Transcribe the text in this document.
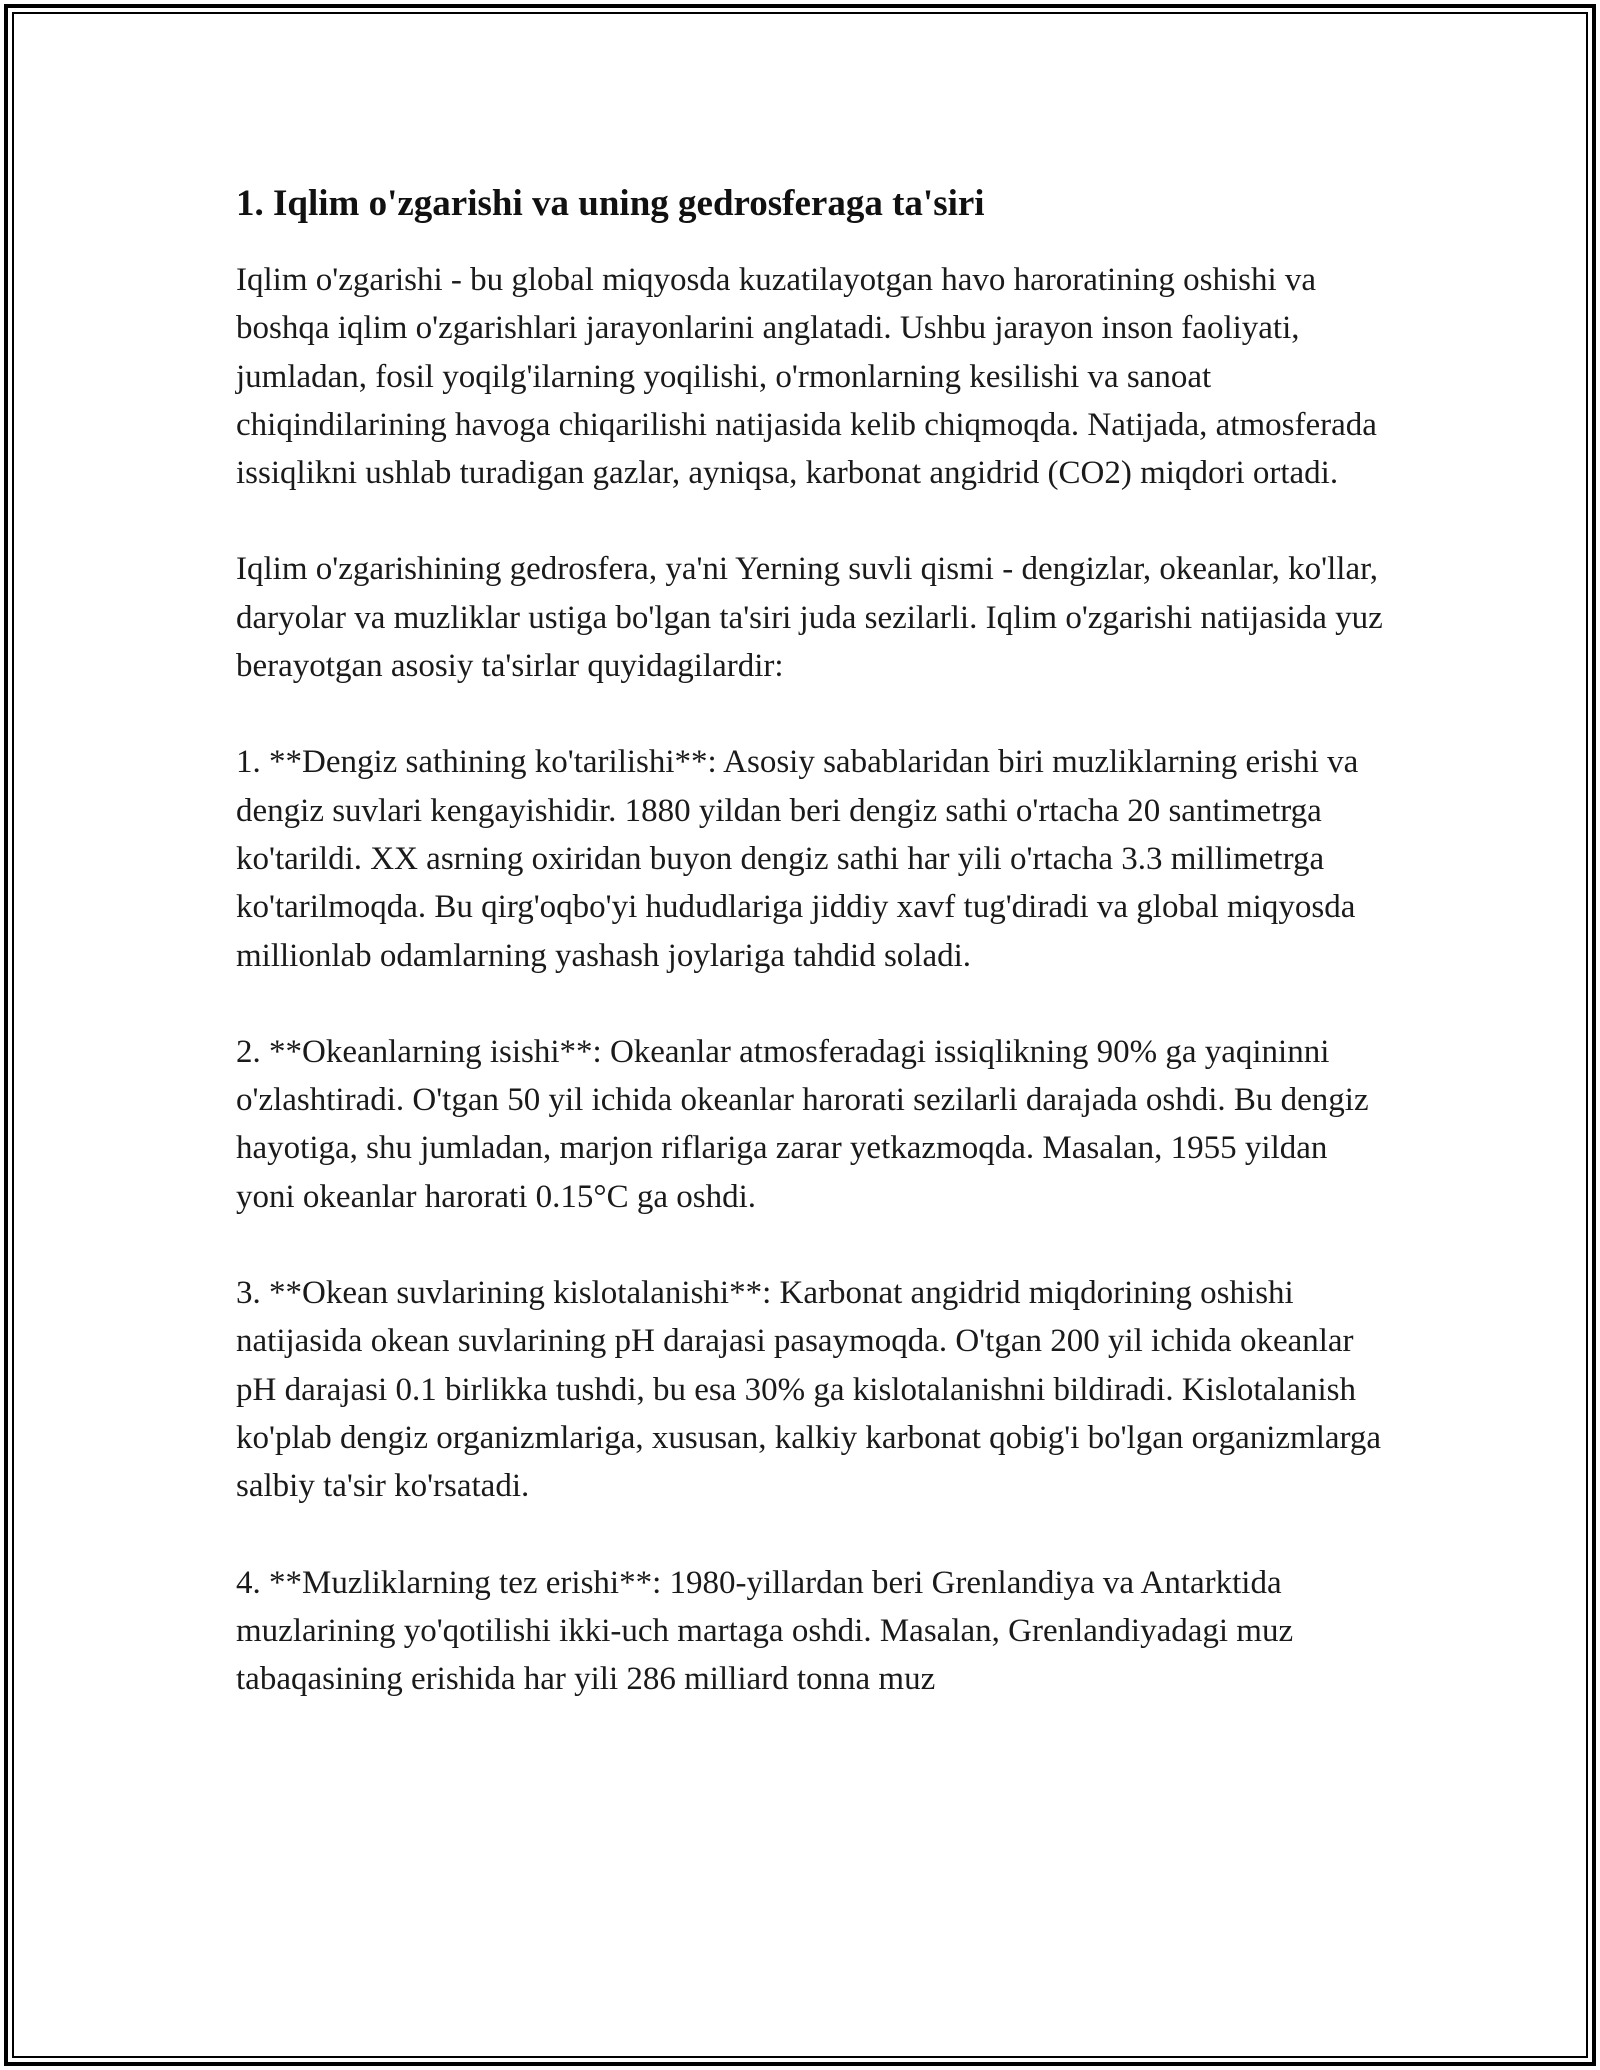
1. Iqlim o'zgarishi va uning gedrosferaga ta'siri

Iqlim o'zgarishi - bu global miqyosda kuzatilayotgan havo haroratining oshishi va boshqa iqlim o'zgarishlari jarayonlarini anglatadi. Ushbu jarayon inson faoliyati, jumladan, fosil yoqilg'ilarning yoqilishi, o'rmonlarning kesilishi va sanoat chiqindilarining havoga chiqarilishi natijasida kelib chiqmoqda. Natijada, atmosferada issiqlikni ushlab turadigan gazlar, ayniqsa, karbonat angidrid (CO2) miqdori ortadi.

Iqlim o'zgarishining gedrosfera, ya'ni Yerning suvli qismi - dengizlar, okeanlar, ko'llar, daryolar va muzliklar ustiga bo'lgan ta'siri juda sezilarli. Iqlim o'zgarishi natijasida yuz berayotgan asosiy ta'sirlar quyidagilardir:

1. **Dengiz sathining ko'tarilishi**: Asosiy sabablaridan biri muzliklarning erishi va dengiz suvlari kengayishidir. 1880 yildan beri dengiz sathi o'rtacha 20 santimetrga ko'tarildi. XX asrning oxiridan buyon dengiz sathi har yili o'rtacha 3.3 millimetrga ko'tarilmoqda. Bu qirg'oqbo'yi hududlariga jiddiy xavf tug'diradi va global miqyosda millionlab odamlarning yashash joylariga tahdid soladi.

2. **Okeanlarning isishi**: Okeanlar atmosferadagi issiqlikning 90% ga yaqininni o'zlashtiradi. O'tgan 50 yil ichida okeanlar harorati sezilarli darajada oshdi. Bu dengiz hayotiga, shu jumladan, marjon riflariga zarar yetkazmoqda. Masalan, 1955 yildan yoni okeanlar harorati 0.15°C ga oshdi.

3. **Okean suvlarining kislotalanishi**: Karbonat angidrid miqdorining oshishi natijasida okean suvlarining pH darajasi pasaymoqda. O'tgan 200 yil ichida okeanlar pH darajasi 0.1 birlikka tushdi, bu esa 30% ga kislotalanishni bildiradi. Kislotalanish ko'plab dengiz organizmlariga, xususan, kalkiy karbonat qobig'i bo'lgan organizmlarga salbiy ta'sir ko'rsatadi.

4. **Muzliklarning tez erishi**: 1980-yillardan beri Grenlandiya va Antarktida muzlarining yo'qotilishi ikki-uch martaga oshdi. Masalan, Grenlandiyadagi muz tabaqasining erishida har yili 286 milliard tonna muz
